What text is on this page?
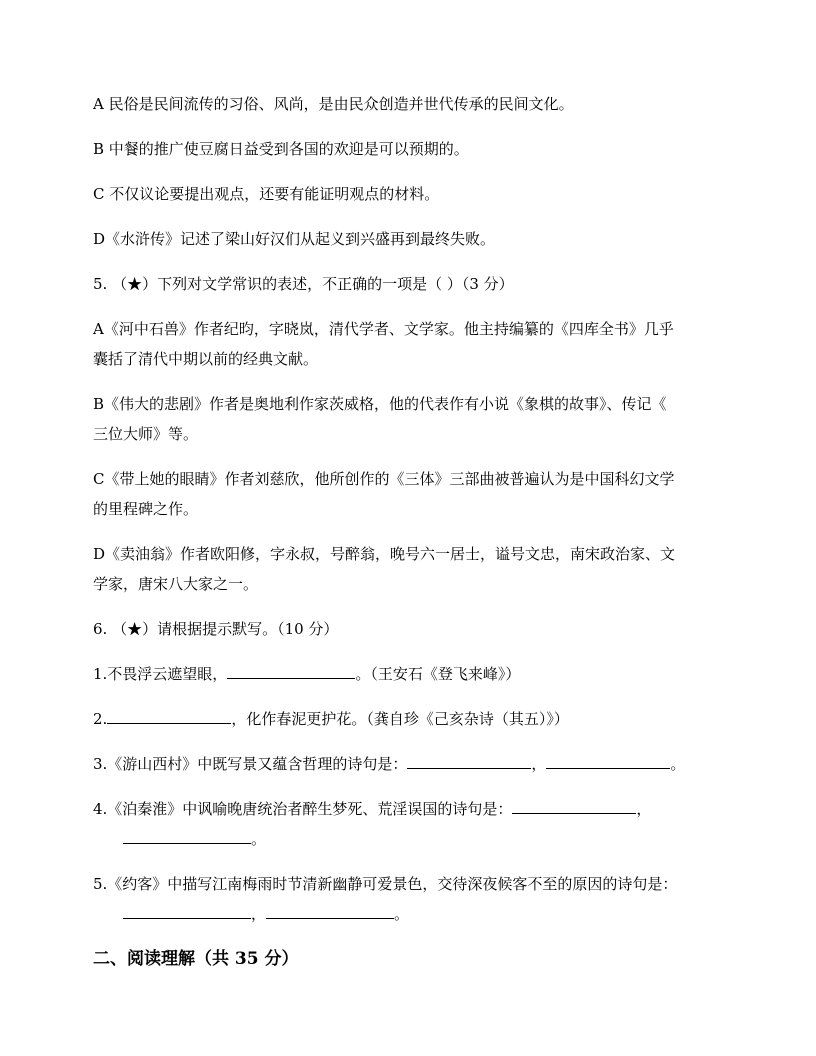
A 民俗是民间流传的习俗、风尚，是由民众创造并世代传承的民间文化。
B 中餐的推广使豆腐日益受到各国的欢迎是可以预期的。
C 不仅议论要提出观点，还要有能证明观点的材料。
D《水浒传》记述了梁山好汉们从起义到兴盛再到最终失败。
5. （★）下列对文学常识的表述，不正确的一项是（ ）（3 分）
A《河中石兽》作者纪昀，字晓岚，清代学者、文学家。他主持编纂的《四库全书》几乎
囊括了清代中期以前的经典文献。
B《伟大的悲剧》作者是奥地利作家茨威格，他的代表作有小说《象棋的故事》、传记《
三位大师》等。
C《带上她的眼睛》作者刘慈欣，他所创作的《三体》三部曲被普遍认为是中国科幻文学
的里程碑之作。
D《卖油翁》作者欧阳修，字永叔，号醉翁，晚号六一居士，谥号文忠，南宋政治家、文
学家，唐宋八大家之一。
6. （★）请根据提示默写。（10 分）
1.不畏浮云遮望眼，	。（王安石《登飞来峰》）
2.	，化作春泥更护花。（龚自珍《己亥杂诗（其五）》）
3.《游山西村》中既写景又蕴含哲理的诗句是：	，	。
4.《泊秦淮》中讽喻晚唐统治者醉生梦死、荒淫误国的诗句是：	，
。
5.《约客》中描写江南梅雨时节清新幽静可爱景色，交待深夜候客不至的原因的诗句是：
，	。
二、阅读理解（共 35 分）
